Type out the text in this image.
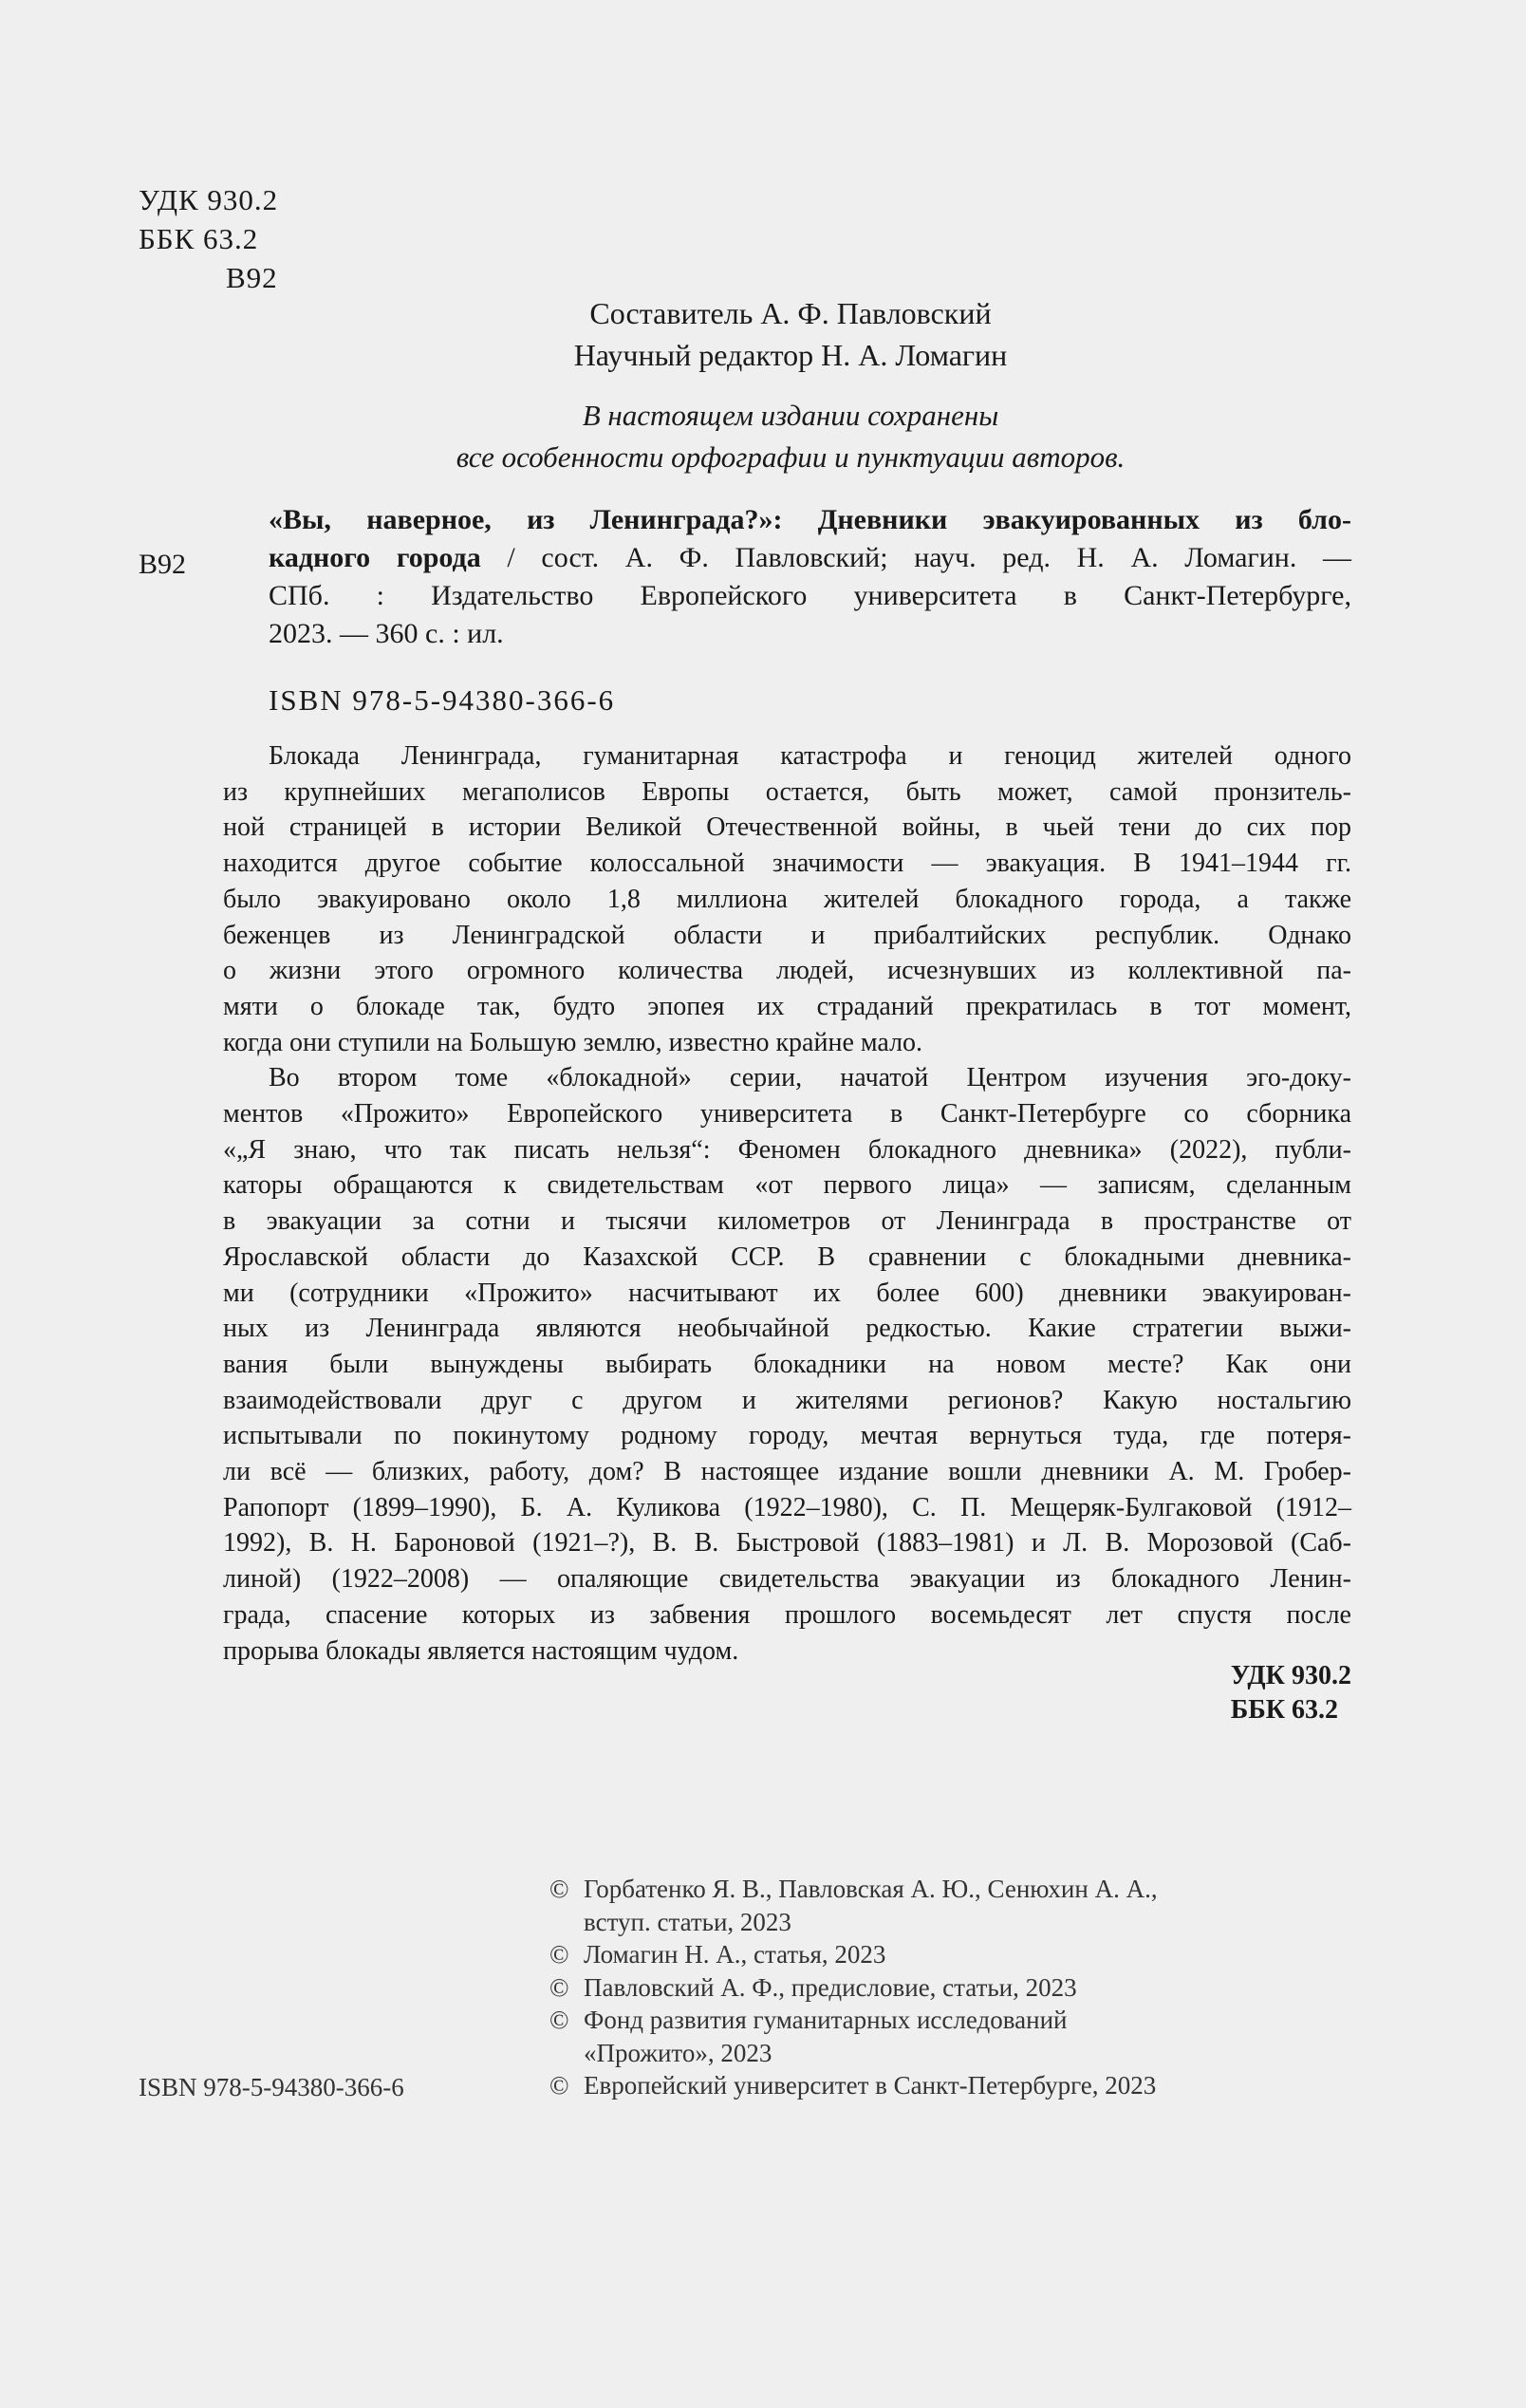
УДК 930.2
ББК 63.2
В92
Составитель А. Ф. Павловский
Научный редактор Н. А. Ломагин
В настоящем издании сохранены
все особенности орфографии и пунктуации авторов.
В92
«Вы, наверное, из Ленинграда?»: Дневники эвакуированных из бло-
кадного города / сост. А. Ф. Павловский; науч. ред. Н. А. Ломагин. —
СПб. : Издательство Европейского университета в Санкт-Петербурге,
2023. — 360 с. : ил.
ISBN 978-5-94380-366-6
Блокада Ленинграда, гуманитарная катастрофа и геноцид жителей одного
из крупнейших мегаполисов Европы остается, быть может, самой пронзитель-
ной страницей в истории Великой Отечественной войны, в чьей тени до сих пор
находится другое событие колоссальной значимости — эвакуация. В 1941–1944 гг.
было эвакуировано около 1,8 миллиона жителей блокадного города, а также
беженцев из Ленинградской области и прибалтийских республик. Однако
о жизни этого огромного количества людей, исчезнувших из коллективной па-
мяти о блокаде так, будто эпопея их страданий прекратилась в тот момент,
когда они ступили на Большую землю, известно крайне мало.
Во втором томе «блокадной» серии, начатой Центром изучения эго-доку-
ментов «Прожито» Европейского университета в Санкт-Петербурге со сборника
«„Я знаю, что так писать нельзя“: Феномен блокадного дневника» (2022), публи-
каторы обращаются к свидетельствам «от первого лица» — записям, сделанным
в эвакуации за сотни и тысячи километров от Ленинграда в пространстве от
Ярославской области до Казахской ССР. В сравнении с блокадными дневника-
ми (сотрудники «Прожито» насчитывают их более 600) дневники эвакуирован-
ных из Ленинграда являются необычайной редкостью. Какие стратегии выжи-
вания были вынуждены выбирать блокадники на новом месте? Как они
взаимодействовали друг с другом и жителями регионов? Какую ностальгию
испытывали по покинутому родному городу, мечтая вернуться туда, где потеря-
ли всё — близких, работу, дом? В настоящее издание вошли дневники А. М. Гробер-
Рапопорт (1899–1990), Б. А. Куликова (1922–1980), С. П. Мещеряк-Булгаковой (1912–
1992), В. Н. Бароновой (1921–?), В. В. Быстровой (1883–1981) и Л. В. Морозовой (Саб-
линой) (1922–2008) — опаляющие свидетельства эвакуации из блокадного Ленин-
града, спасение которых из забвения прошлого восемьдесят лет спустя после
прорыва блокады является настоящим чудом.
УДК 930.2
ББК 63.2
© Горбатенко Я. В., Павловская А. Ю., Сенюхин А. А.,
вступ. статьи, 2023
© Ломагин Н. А., статья, 2023
© Павловский А. Ф., предисловие, статьи, 2023
© Фонд развития гуманитарных исследований
«Прожито», 2023
© Европейский университет в Санкт-Петербурге, 2023
ISBN 978-5-94380-366-6
